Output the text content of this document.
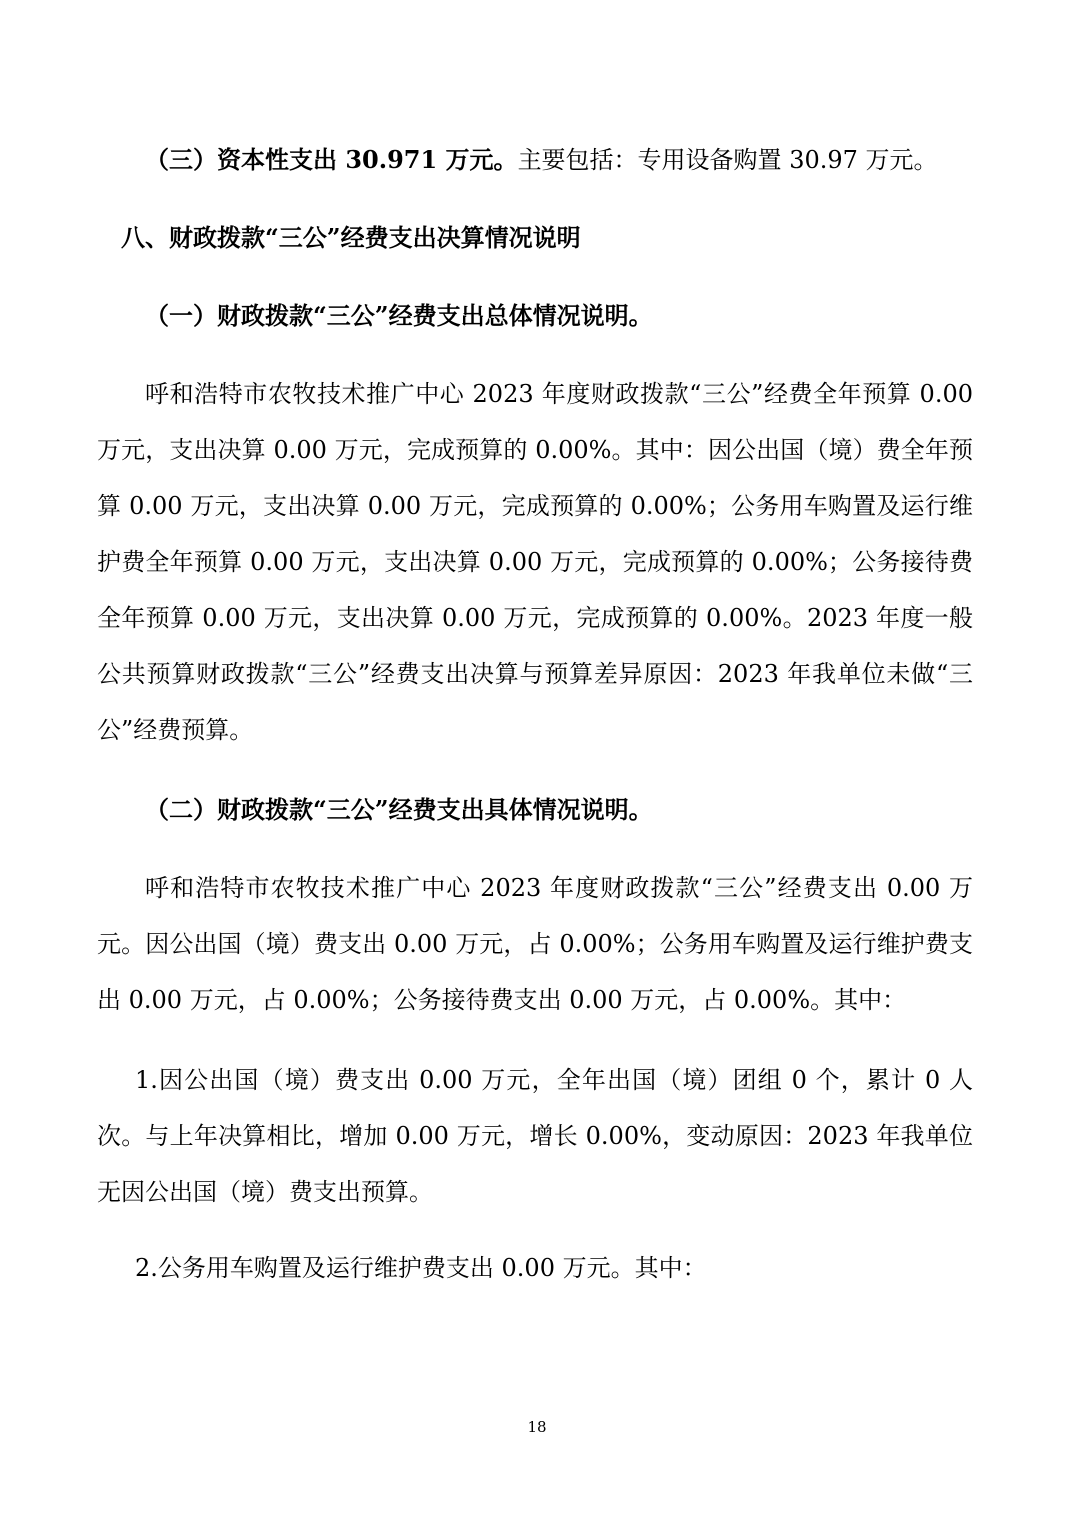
（三）资本性支出 30.971 万元。主要包括：专用设备购置 30.97 万元。

八、财政拨款“三公”经费支出决算情况说明

（一）财政拨款“三公”经费支出总体情况说明。

呼和浩特市农牧技术推广中心 2023 年度财政拨款“三公”经费全年预算 0.00 万元，支出决算 0.00 万元，完成预算的 0.00%。其中：因公出国（境）费全年预算 0.00 万元，支出决算 0.00 万元，完成预算的 0.00%；公务用车购置及运行维护费全年预算 0.00 万元，支出决算 0.00 万元，完成预算的 0.00%；公务接待费全年预算 0.00 万元，支出决算 0.00 万元，完成预算的 0.00%。2023 年度一般公共预算财政拨款“三公”经费支出决算与预算差异原因：2023 年我单位未做“三公”经费预算。

（二）财政拨款“三公”经费支出具体情况说明。

呼和浩特市农牧技术推广中心 2023 年度财政拨款“三公”经费支出 0.00 万元。因公出国（境）费支出 0.00 万元，占 0.00%；公务用车购置及运行维护费支出 0.00 万元，占 0.00%；公务接待费支出 0.00 万元，占 0.00%。其中：

1.因公出国（境）费支出 0.00 万元，全年出国（境）团组 0 个，累计 0 人次。与上年决算相比，增加 0.00 万元，增长 0.00%，变动原因：2023 年我单位无因公出国（境）费支出预算。

2.公务用车购置及运行维护费支出 0.00 万元。其中：

18
